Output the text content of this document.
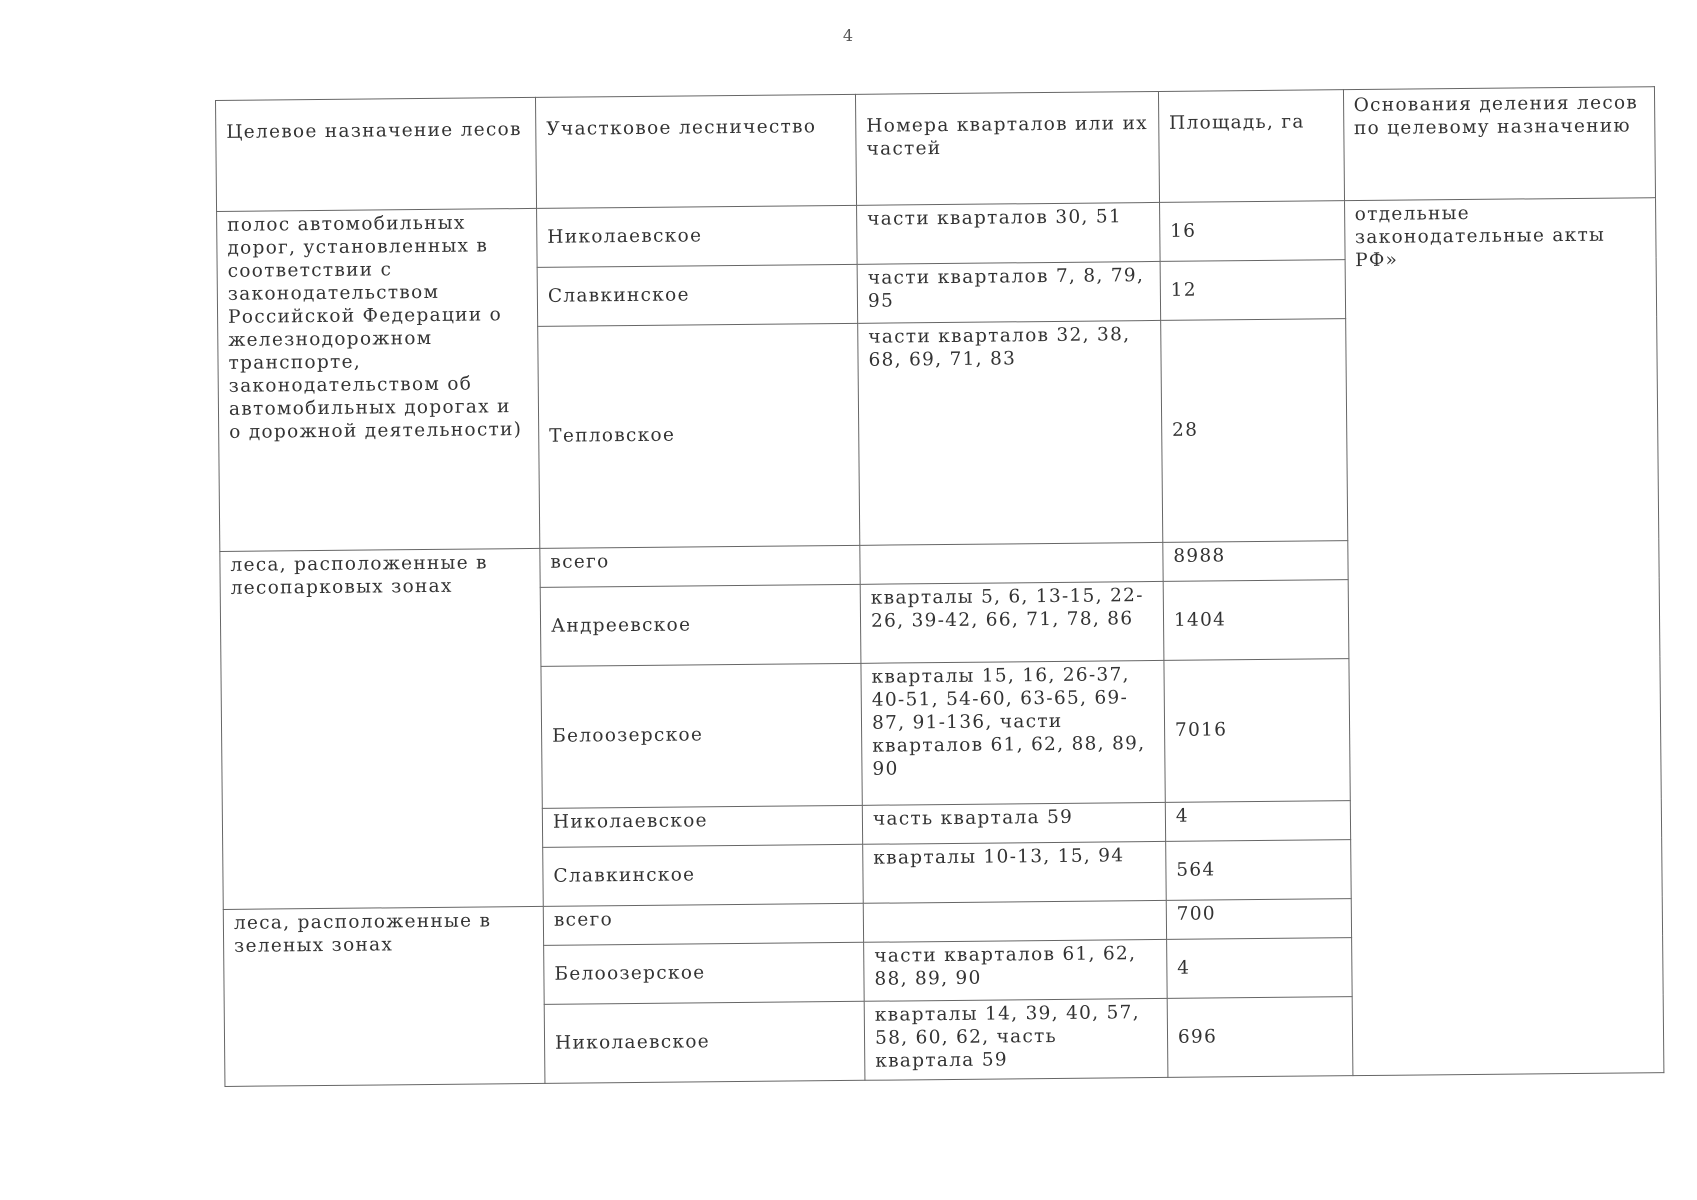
4
Целевое назначение лесов	Участковое лесничество	Номера кварталов или их частей	Площадь, га	Основания деления лесов по целевому назначению
полос автомобильных дорог, установленных в соответствии с законодательством Российской Федерации о железнодорожном транспорте, законодательством об автомобильных дорогах и о дорожной деятельности)	Николаевское	части кварталов 30, 51	16	отдельные законодательные акты РФ»
	Славкинское	части кварталов 7, 8, 79, 95	12	
	Тепловское	части кварталов 32, 38, 68, 69, 71, 83	28	
леса, расположенные в лесопарковых зонах	всего		8988	
	Андреевское	кварталы 5, 6, 13-15, 22-26, 39-42, 66, 71, 78, 86	1404	
	Белоозерское	кварталы 15, 16, 26-37, 40-51, 54-60, 63-65, 69-87, 91-136, части кварталов 61, 62, 88, 89, 90	7016	
	Николаевское	часть квартала 59	4	
	Славкинское	кварталы 10-13, 15, 94	564	
леса, расположенные в зеленых зонах	всего		700	
	Белоозерское	части кварталов 61, 62, 88, 89, 90	4	
	Николаевское	кварталы 14, 39, 40, 57, 58, 60, 62, часть квартала 59	696	
